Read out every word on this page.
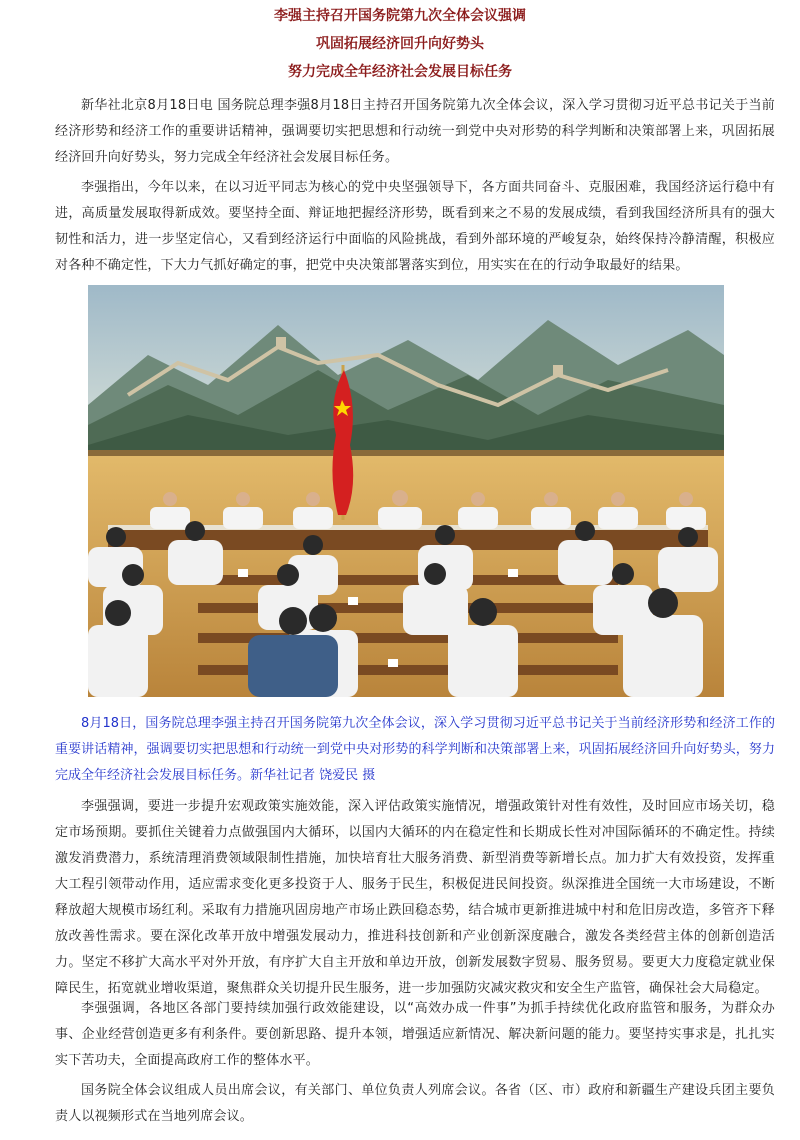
李强主持召开国务院第九次全体会议强调
巩固拓展经济回升向好势头
努力完成全年经济社会发展目标任务

新华社北京8月18日电 国务院总理李强8月18日主持召开国务院第九次全体会议，深入学习贯彻习近平总书记关于当前经济形势和经济工作的重要讲话精神，强调要切实把思想和行动统一到党中央对形势的科学判断和决策部署上来，巩固拓展经济回升向好势头，努力完成全年经济社会发展目标任务。

李强指出，今年以来，在以习近平同志为核心的党中央坚强领导下，各方面共同奋斗、克服困难，我国经济运行稳中有进，高质量发展取得新成效。要坚持全面、辩证地把握经济形势，既看到来之不易的发展成绩，看到我国经济所具有的强大韧性和活力，进一步坚定信心，又看到经济运行中面临的风险挑战，看到外部环境的严峻复杂，始终保持冷静清醒，积极应对各种不确定性，下大力气抓好确定的事，把党中央决策部署落实到位，用实实在在的行动争取最好的结果。

8月18日，国务院总理李强主持召开国务院第九次全体会议，深入学习贯彻习近平总书记关于当前经济形势和经济工作的重要讲话精神，强调要切实把思想和行动统一到党中央对形势的科学判断和决策部署上来，巩固拓展经济回升向好势头，努力完成全年经济社会发展目标任务。新华社记者 饶爱民 摄

李强强调，要进一步提升宏观政策实施效能，深入评估政策实施情况，增强政策针对性有效性，及时回应市场关切，稳定市场预期。要抓住关键着力点做强国内大循环，以国内大循环的内在稳定性和长期成长性对冲国际循环的不确定性。持续激发消费潜力，系统清理消费领域限制性措施，加快培育壮大服务消费、新型消费等新增长点。加力扩大有效投资，发挥重大工程引领带动作用，适应需求变化更多投资于人、服务于民生，积极促进民间投资。纵深推进全国统一大市场建设，不断释放超大规模市场红利。采取有力措施巩固房地产市场止跌回稳态势，结合城市更新推进城中村和危旧房改造，多管齐下释放改善性需求。要在深化改革开放中增强发展动力，推进科技创新和产业创新深度融合，激发各类经营主体的创新创造活力。坚定不移扩大高水平对外开放，有序扩大自主开放和单边开放，创新发展数字贸易、服务贸易。要更大力度稳定就业保障民生，拓宽就业增收渠道，聚焦群众关切提升民生服务，进一步加强防灾减灾救灾和安全生产监管，确保社会大局稳定。

李强强调，各地区各部门要持续加强行政效能建设，以“高效办成一件事”为抓手持续优化政府监管和服务，为群众办事、企业经营创造更多有利条件。要创新思路、提升本领，增强适应新情况、解决新问题的能力。要坚持实事求是，扎扎实实下苦功夫，全面提高政府工作的整体水平。

国务院全体会议组成人员出席会议，有关部门、单位负责人列席会议。各省（区、市）政府和新疆生产建设兵团主要负责人以视频形式在当地列席会议。
